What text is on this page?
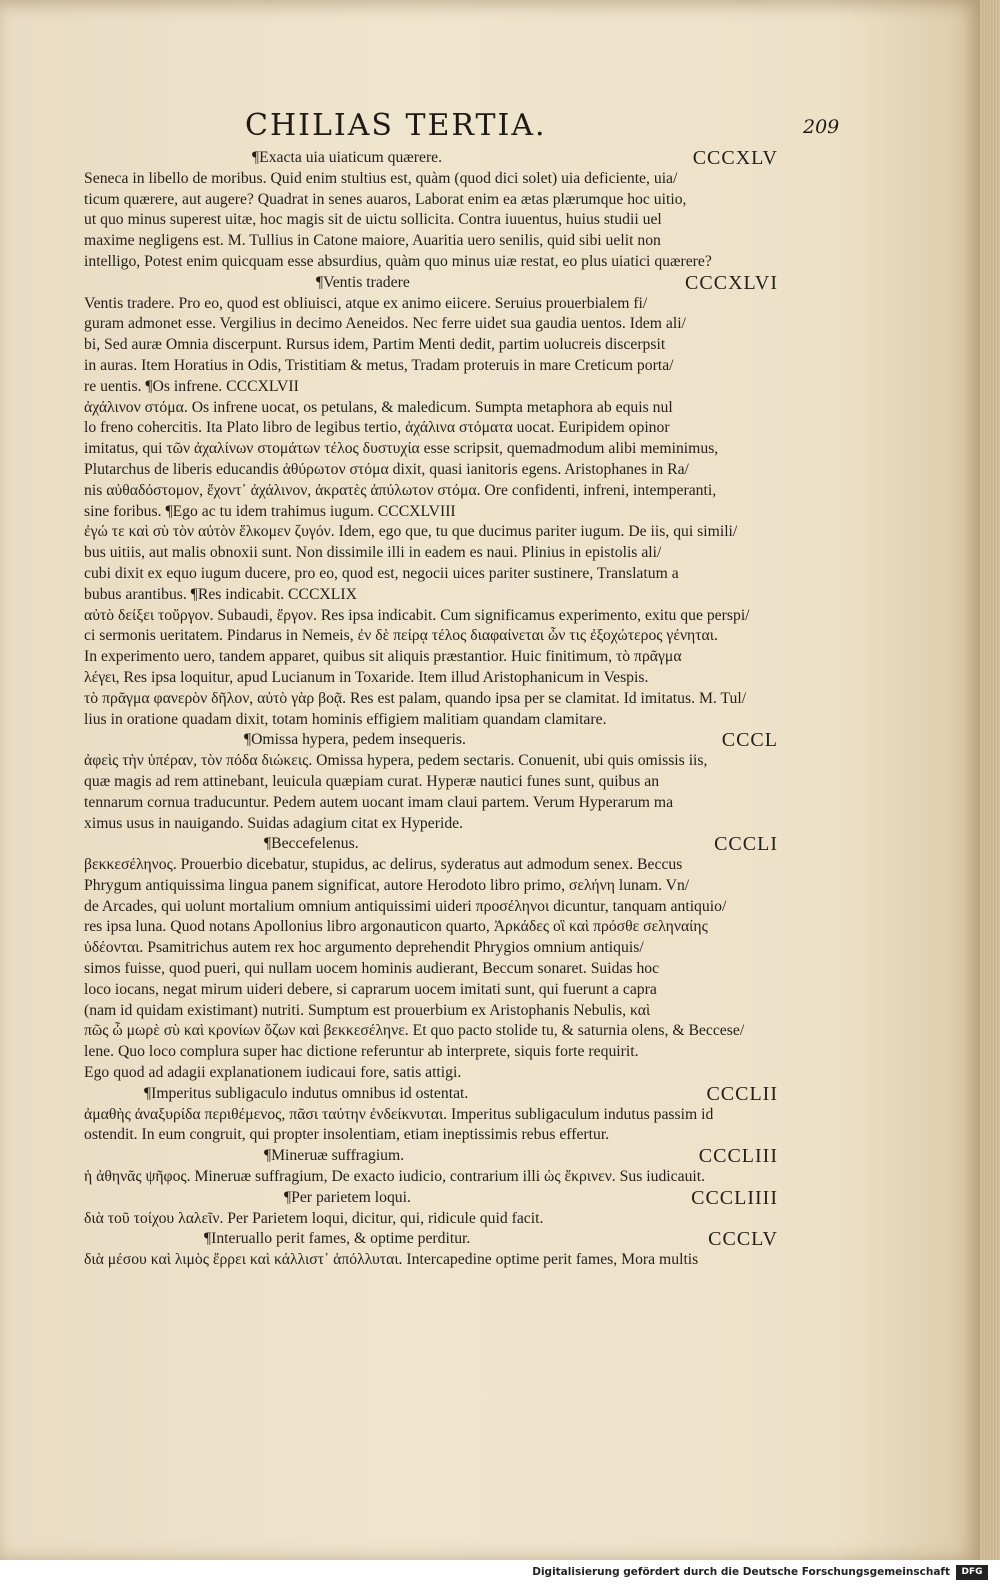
CHILIAS TERTIA.	209
¶Exacta uia uiaticum quærere.	CCCXLV
Seneca in libello de moribus. Quid enim stultius est, quàm (quod dici solet) uia deficiente, uia/
ticum quærere, aut augere? Quadrat in senes auaros, Laborat enim ea ætas plærumque hoc uitio,
ut quo minus superest uitæ, hoc magis sit de uictu sollicita. Contra iuuentus, huius studii uel
maxime negligens est. M. Tullius in Catone maiore, Auaritia uero senilis, quid sibi uelit non
intelligo, Potest enim quicquam esse absurdius, quàm quo minus uiæ restat, eo plus uiatici quærere?
¶Ventis tradere	CCCXLVI
Ventis tradere. Pro eo, quod est obliuisci, atque ex animo eiicere. Seruius prouerbialem fi/
guram admonet esse. Vergilius in decimo Aeneidos. Nec ferre uidet sua gaudia uentos. Idem ali/
bi, Sed auræ Omnia discerpunt. Rursus idem, Partim Menti dedit, partim uolucreis discerpsit
in auras. Item Horatius in Odis, Tristitiam & metus, Tradam proteruis in mare Creticum porta/
re uentis. ¶Os infrene. CCCXLVII
ἀχάλινον στόμα. Os infrene uocat, os petulans, & maledicum. Sumpta metaphora ab equis nul
lo freno cohercitis. Ita Plato libro de legibus tertio, ἀχάλινα στόματα uocat. Euripidem opinor
imitatus, qui τῶν ἀχαλίνων στομάτων τέλος δυστυχία esse scripsit, quemadmodum alibi meminimus,
Plutarchus de liberis educandis ἀθύρωτον στόμα dixit, quasi ianitoris egens. Aristophanes in Ra/
nis αὐθαδόστομον, ἔχοντ᾽ ἀχάλινον, ἀκρατὲς ἀπύλωτον στόμα. Ore confidenti, infreni, intemperanti,
sine foribus. ¶Ego ac tu idem trahimus iugum. CCCXLVIII
ἐγώ τε καὶ σὺ τὸν αὐτὸν ἕλκομεν ζυγόν. Idem, ego que, tu que ducimus pariter iugum. De iis, qui simili/
bus uitiis, aut malis obnoxii sunt. Non dissimile illi in eadem es naui. Plinius in epistolis ali/
cubi dixit ex equo iugum ducere, pro eo, quod est, negocii uices pariter sustinere, Translatum a
bubus arantibus. ¶Res indicabit. CCCXLIX
αὐτὸ δείξει τοὔργον. Subaudi, ἔργον. Res ipsa indicabit. Cum significamus experimento, exitu que perspi/
ci sermonis ueritatem. Pindarus in Nemeis, ἐν δὲ πείρᾳ τέλος διαφαίνεται ὧν τις ἐξοχώτερος γένηται.
In experimento uero, tandem apparet, quibus sit aliquis præstantior. Huic finitimum, τὸ πρᾶγμα
λέγει, Res ipsa loquitur, apud Lucianum in Toxaride. Item illud Aristophanicum in Vespis.
τὸ πρᾶγμα φανερὸν δῆλον, αὐτὸ γὰρ βοᾷ. Res est palam, quando ipsa per se clamitat. Id imitatus. M. Tul/
lius in oratione quadam dixit, totam hominis effigiem malitiam quandam clamitare.
¶Omissa hypera, pedem insequeris.	CCCL
ἀφεὶς τὴν ὑπέραν, τὸν πόδα διώκεις. Omissa hypera, pedem sectaris. Conuenit, ubi quis omissis iis,
quæ magis ad rem attinebant, leuicula quæpiam curat. Hyperæ nautici funes sunt, quibus an
tennarum cornua traducuntur. Pedem autem uocant imam claui partem. Verum Hyperarum ma
ximus usus in nauigando. Suidas adagium citat ex Hyperide.
¶Beccefelenus.	CCCLI
βεκκεσέληνος. Prouerbio dicebatur, stupidus, ac delirus, syderatus aut admodum senex. Beccus
Phrygum antiquissima lingua panem significat, autore Herodoto libro primo, σελήνη lunam. Vn/
de Arcades, qui uolunt mortalium omnium antiquissimi uideri προσέληνοι dicuntur, tanquam antiquio/
res ipsa luna. Quod notans Apollonius libro argonauticon quarto, Ἀρκάδες οἳ καὶ πρόσθε σεληναίης
ὑδέονται. Psamitrichus autem rex hoc argumento deprehendit Phrygios omnium antiquis/
simos fuisse, quod pueri, qui nullam uocem hominis audierant, Beccum sonaret. Suidas hoc
loco iocans, negat mirum uideri debere, si caprarum uocem imitati sunt, qui fuerunt a capra
(nam id quidam existimant) nutriti. Sumptum est prouerbium ex Aristophanis Nebulis, καὶ
πῶς ὦ μωρὲ σὺ καὶ κρονίων ὄζων καὶ βεκκεσέληνε. Et quo pacto stolide tu, & saturnia olens, & Beccese/
lene. Quo loco complura super hac dictione referuntur ab interprete, siquis forte requirit.
Ego quod ad adagii explanationem iudicaui fore, satis attigi.
¶Imperitus subligaculo indutus omnibus id ostentat.	CCCLII
ἀμαθὴς ἀναξυρίδα περιθέμενος, πᾶσι ταύτην ἐνδείκνυται. Imperitus subligaculum indutus passim id
ostendit. In eum congruit, qui propter insolentiam, etiam ineptissimis rebus effertur.
¶Mineruæ suffragium.	CCCLIII
ἡ ἀθηνᾶς ψῆφος. Mineruæ suffragium, De exacto iudicio, contrarium illi ὡς ἔκρινεν. Sus iudicauit.
¶Per parietem loqui.	CCCLIIII
διὰ τοῦ τοίχου λαλεῖν. Per Parietem loqui, dicitur, qui, ridicule quid facit.
¶Interuallo perit fames, & optime perditur.	CCCLV
διὰ μέσου καὶ λιμὸς ἔρρει καὶ κάλλιστ᾽ ἀπόλλυται. Intercapedine optime perit fames, Mora multis
Digitalisierung gefördert durch die Deutsche Forschungsgemeinschaft	DFG
